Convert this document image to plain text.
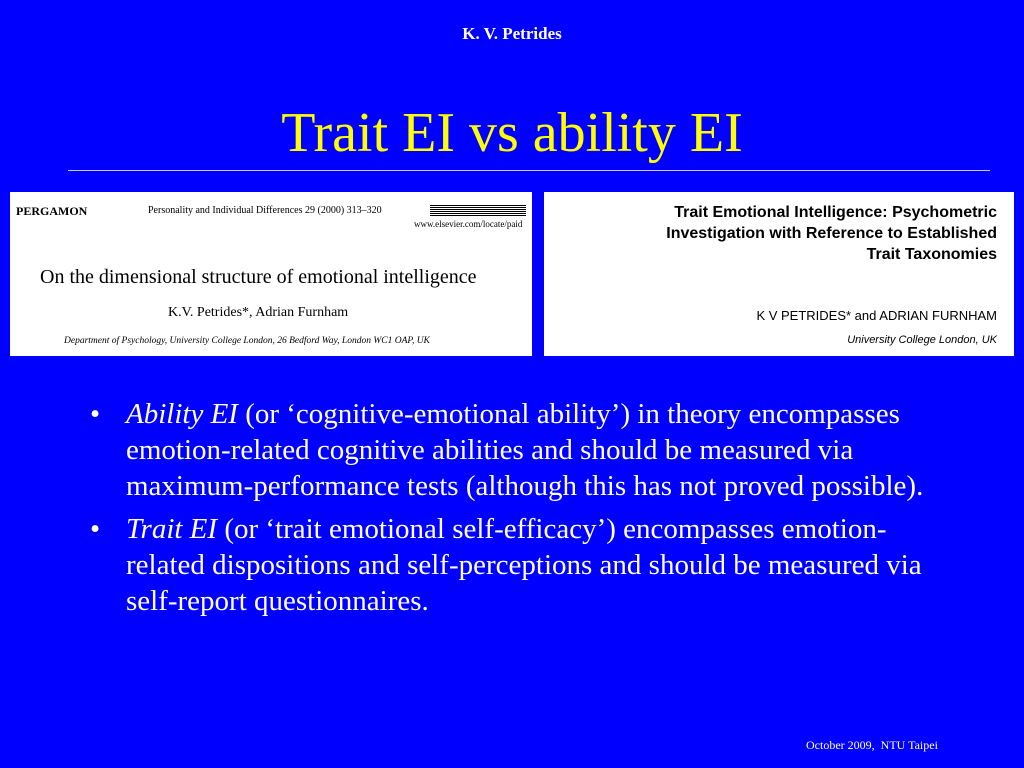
K. V. Petrides
Trait EI vs ability EI
PERGAMON	Personality and Individual Differences 29 (2000) 313–320
www.elsevier.com/locate/paid
On the dimensional structure of emotional intelligence
K.V. Petrides*, Adrian Furnham
Department of Psychology, University College London, 26 Bedford Way, London WC1 OAP, UK
Trait Emotional Intelligence: Psychometric
Investigation with Reference to Established
Trait Taxonomies
K V PETRIDES* and ADRIAN FURNHAM
University College London, UK
• Ability EI (or ‘cognitive-emotional ability’) in theory encompasses emotion-related cognitive abilities and should be measured via maximum-performance tests (although this has not proved possible).
• Trait EI (or ‘trait emotional self-efficacy’) encompasses emotion-related dispositions and self-perceptions and should be measured via self-report questionnaires.
October 2009,  NTU Taipei
